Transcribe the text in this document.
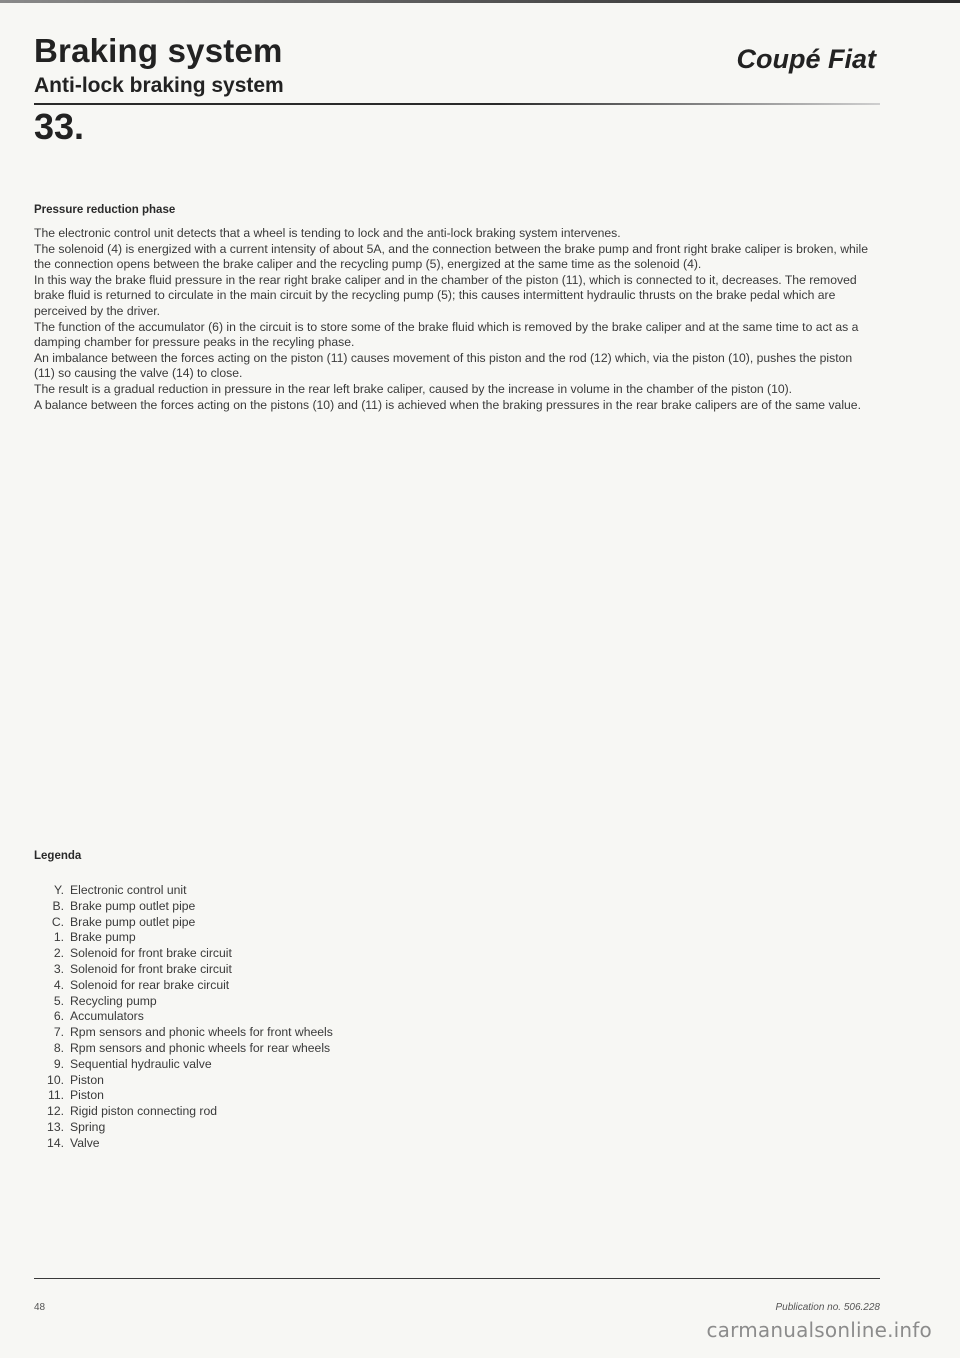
Braking system
Anti-lock braking system
Coupé Fiat
33.
Pressure reduction phase

The electronic control unit detects that a wheel is tending to lock and the anti-lock braking system intervenes.

The solenoid (4) is energized with a current intensity of about 5A, and the connection between the brake pump and front right brake caliper is broken, while the connection opens between the brake caliper and the recycling pump (5), energized at the same time as the solenoid (4).

In this way the brake fluid pressure in the rear right brake caliper and in the chamber of the piston (11), which is connected to it, decreases. The removed brake fluid is returned to circulate in the main circuit by the recycling pump (5); this causes intermittent hydraulic thrusts on the brake pedal which are perceived by the driver.

The function of the accumulator (6) in the circuit is to store some of the brake fluid which is removed by the brake caliper and at the same time to act as a damping chamber for pressure peaks in the recyling phase.

An imbalance between the forces acting on the piston (11) causes movement of this piston and the rod (12) which, via the piston (10), pushes the piston (11) so causing the valve (14) to close.

The result is a gradual reduction in pressure in the rear left brake caliper, caused by the increase in volume in the chamber of the piston (10).

A balance between the forces acting on the pistons (10) and (11) is achieved when the braking pressures in the rear brake calipers are of the same value.

Legenda
Y. Electronic control unit
B. Brake pump outlet pipe
C. Brake pump outlet pipe
1. Brake pump
2. Solenoid for front brake circuit
3. Solenoid for front brake circuit
4. Solenoid for rear brake circuit
5. Recycling pump
6. Accumulators
7. Rpm sensors and phonic wheels for front wheels
8. Rpm sensors and phonic wheels for rear wheels
9. Sequential hydraulic valve
10. Piston
11. Piston
12. Rigid piston connecting rod
13. Spring
14. Valve
48	Publication no. 506.228
carmanualsonline.info
